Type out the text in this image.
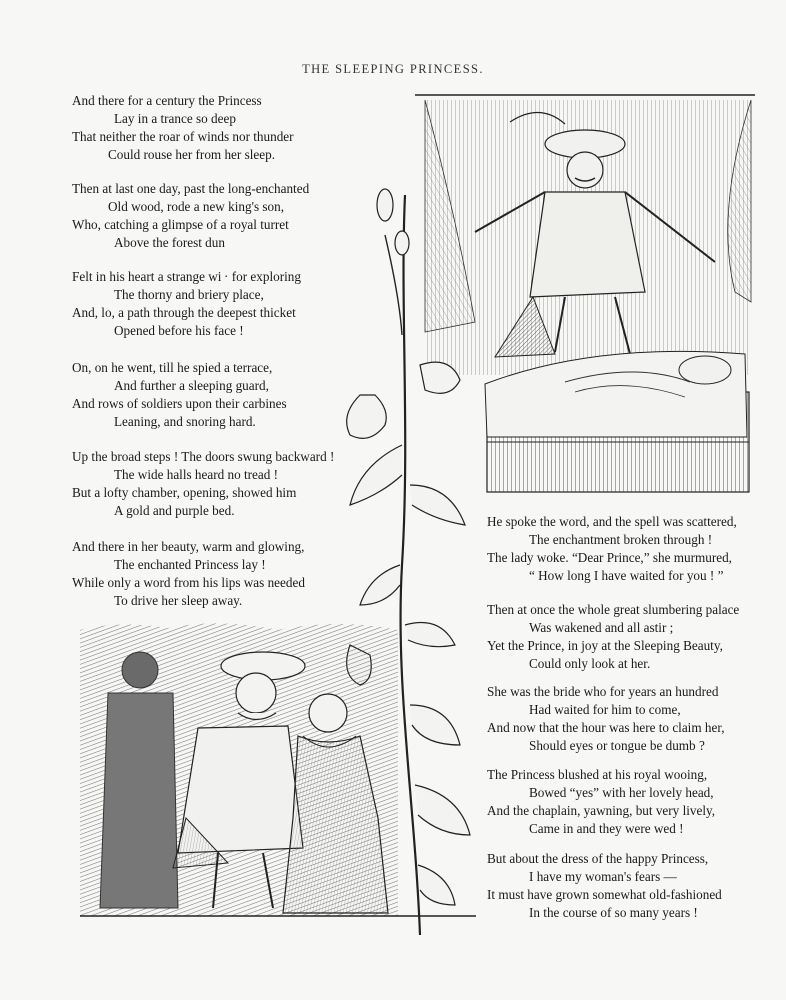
THE SLEEPING PRINCESS.
And there for a century the Princess
Lay in a trance so deep
That neither the roar of winds nor thunder
Could rouse her from her sleep.
Then at last one day, past the long-enchanted
Old wood, rode a new king's son,
Who, catching a glimpse of a royal turret
Above the forest dun
Felt in his heart a strange wi · for exploring
The thorny and briery place,
And, lo, a path through the deepest thicket
Opened before his face !
On, on he went, till he spied a terrace,
And further a sleeping guard,
And rows of soldiers upon their carbines
Leaning, and snoring hard.
Up the broad steps ! The doors swung backward !
The wide halls heard no tread !
But a lofty chamber, opening, showed him
A gold and purple bed.
And there in her beauty, warm and glowing,
The enchanted Princess lay !
While only a word from his lips was needed
To drive her sleep away.
He spoke the word, and the spell was scattered,
The enchantment broken through !
The lady woke. “Dear Prince,” she murmured,
“ How long I have waited for you ! ”
Then at once the whole great slumbering palace
Was wakened and all astir ;
Yet the Prince, in joy at the Sleeping Beauty,
Could only look at her.
She was the bride who for years an hundred
Had waited for him to come,
And now that the hour was here to claim her,
Should eyes or tongue be dumb ?
The Princess blushed at his royal wooing,
Bowed “yes” with her lovely head,
And the chaplain, yawning, but very lively,
Came in and they were wed !
But about the dress of the happy Princess,
I have my woman's fears —
It must have grown somewhat old-fashioned
In the course of so many years !
